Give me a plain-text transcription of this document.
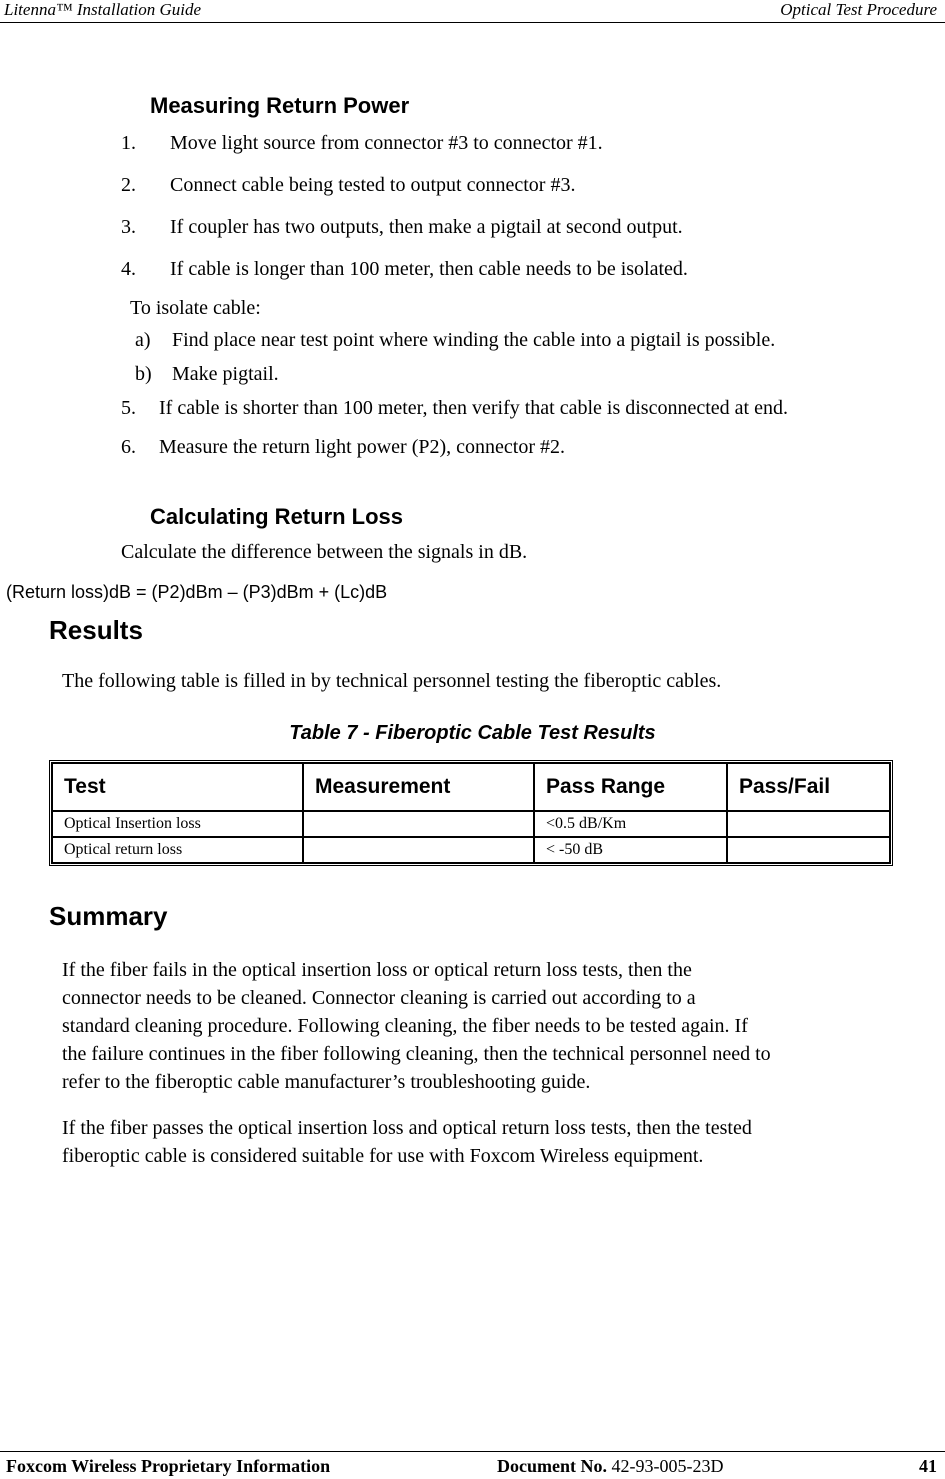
Litenna™ Installation Guide	Optical Test Procedure
Measuring Return Power
1. Move light source from connector #3 to connector #1.
2. Connect cable being tested to output connector #3.
3. If coupler has two outputs, then make a pigtail at second output.
4. If cable is longer than 100 meter, then cable needs to be isolated.
To isolate cable:
a) Find place near test point where winding the cable into a pigtail is possible.
b) Make pigtail.
5. If cable is shorter than 100 meter, then verify that cable is disconnected at end.
6. Measure the return light power (P2), connector #2.
Calculating Return Loss
Calculate the difference between the signals in dB.
(Return loss)dB = (P2)dBm – (P3)dBm + (Lc)dB
Results
The following table is filled in by technical personnel testing the fiberoptic cables.
Table 7 - Fiberoptic Cable Test Results
Test	Measurement	Pass Range	Pass/Fail
Optical Insertion loss		<0.5 dB/Km	
Optical return loss		< -50 dB	
Summary

If the fiber fails in the optical insertion loss or optical return loss tests, then the

connector needs to be cleaned. Connector cleaning is carried out according to a

standard cleaning procedure. Following cleaning, the fiber needs to be tested again. If

the failure continues in the fiber following cleaning, then the technical personnel need to

refer to the fiberoptic cable manufacturer’s troubleshooting guide.

If the fiber passes the optical insertion loss and optical return loss tests, then the tested

fiberoptic cable is considered suitable for use with Foxcom Wireless equipment.

Foxcom Wireless Proprietary Information	Document No. 42-93-005-23D	41
